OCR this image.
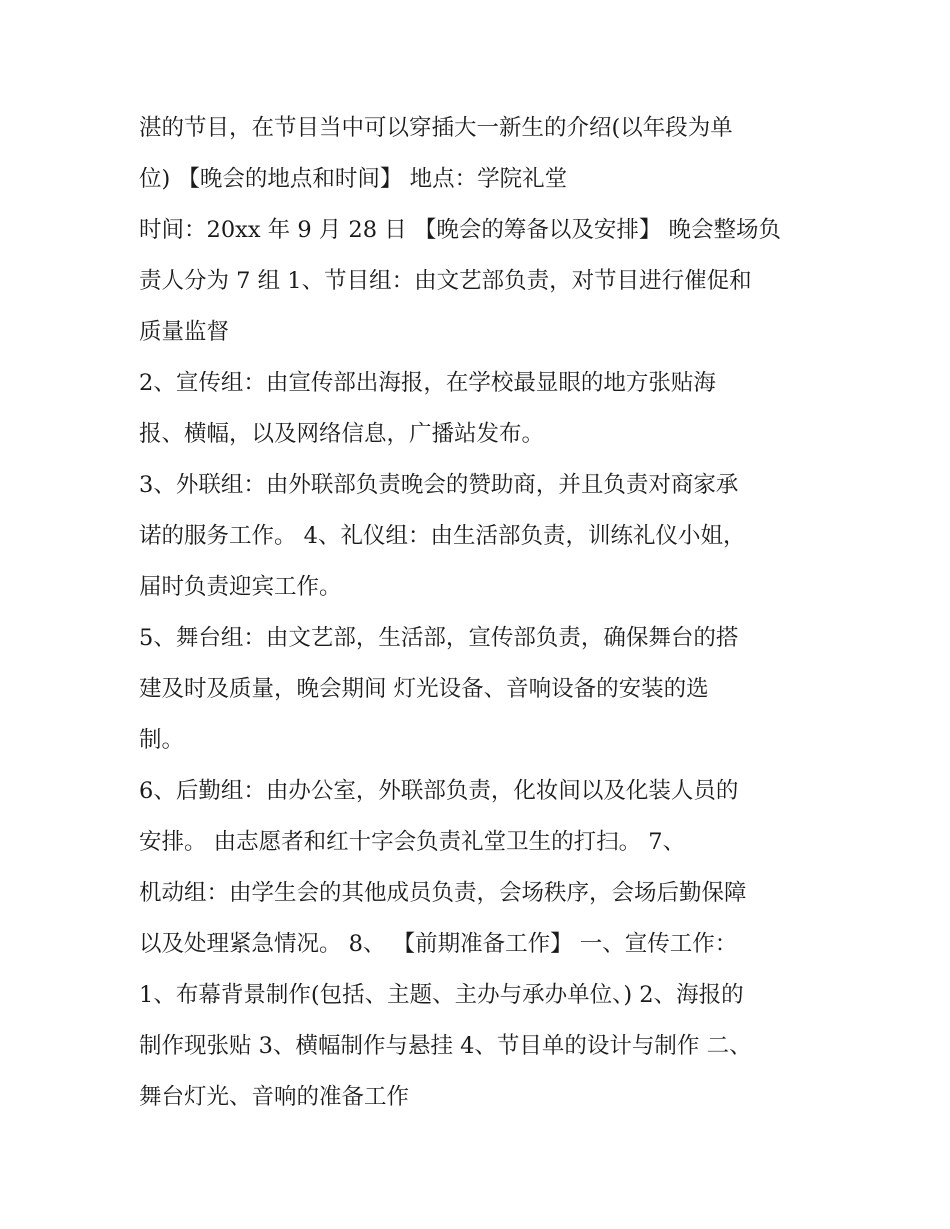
湛的节目，在节目当中可以穿插大一新生的介绍(以年段为单
位) 【晚会的地点和时间】 地点：学院礼堂
时间：20xx 年 9 月 28 日 【晚会的筹备以及安排】 晚会整场负
责人分为 7 组 1、节目组：由文艺部负责，对节目进行催促和
质量监督
2、宣传组：由宣传部出海报，在学校最显眼的地方张贴海
报、横幅，以及网络信息，广播站发布。
3、外联组：由外联部负责晚会的赞助商，并且负责对商家承
诺的服务工作。 4、礼仪组：由生活部负责，训练礼仪小姐，
届时负责迎宾工作。
5、舞台组：由文艺部，生活部，宣传部负责，确保舞台的搭
建及时及质量，晚会期间 灯光设备、音响设备的安装的选
制。
6、后勤组：由办公室，外联部负责，化妆间以及化装人员的
安排。 由志愿者和红十字会负责礼堂卫生的打扫。 7、
机动组：由学生会的其他成员负责，会场秩序，会场后勤保障
以及处理紧急情况。 8、 【前期准备工作】 一、宣传工作：
1、布幕背景制作(包括、主题、主办与承办单位、) 2、海报的
制作现张贴 3、横幅制作与悬挂 4、节目单的设计与制作 二、
舞台灯光、音响的准备工作
